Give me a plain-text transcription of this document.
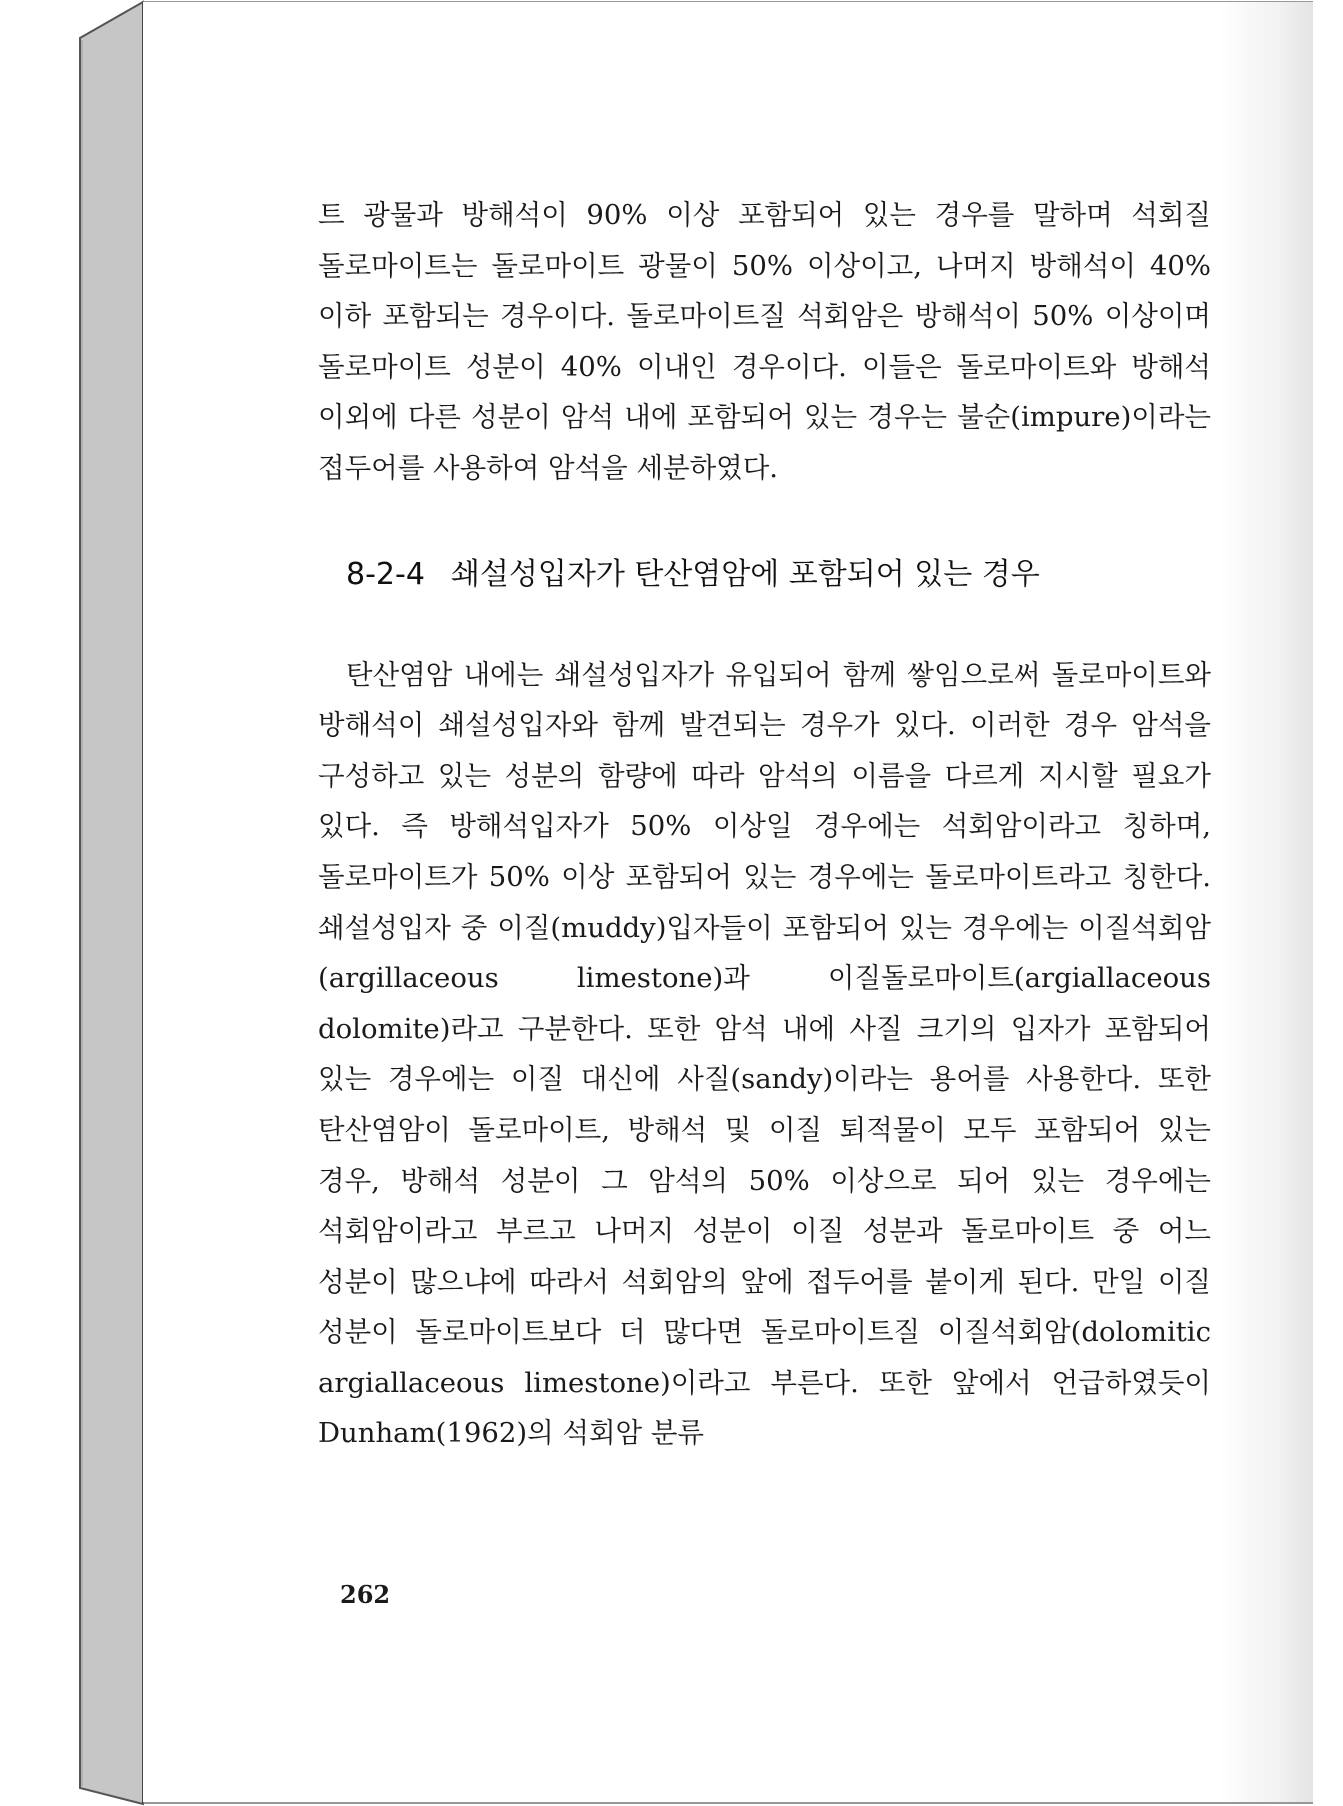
트 광물과 방해석이 90% 이상 포함되어 있는 경우를 말하며 석회질 돌로마이트는 돌로마이트 광물이 50% 이상이고, 나머지 방해석이 40% 이하 포함되는 경우이다. 돌로마이트질 석회암은 방해석이 50% 이상이며 돌로마이트 성분이 40% 이내인 경우이다. 이들은 돌로마이트와 방해석 이외에 다른 성분이 암석 내에 포함되어 있는 경우는 불순(impure)이라는 접두어를 사용하여 암석을 세분하였다.

8-2-4 쇄설성입자가 탄산염암에 포함되어 있는 경우

탄산염암 내에는 쇄설성입자가 유입되어 함께 쌓임으로써 돌로마이트와 방해석이 쇄설성입자와 함께 발견되는 경우가 있다. 이러한 경우 암석을 구성하고 있는 성분의 함량에 따라 암석의 이름을 다르게 지시할 필요가 있다. 즉 방해석입자가 50% 이상일 경우에는 석회암이라고 칭하며, 돌로마이트가 50% 이상 포함되어 있는 경우에는 돌로마이트라고 칭한다. 쇄설성입자 중 이질(muddy)입자들이 포함되어 있는 경우에는 이질석회암(argillaceous limestone)과 이질돌로마이트(argiallaceous dolomite)라고 구분한다. 또한 암석 내에 사질 크기의 입자가 포함되어 있는 경우에는 이질 대신에 사질(sandy)이라는 용어를 사용한다. 또한 탄산염암이 돌로마이트, 방해석 및 이질 퇴적물이 모두 포함되어 있는 경우, 방해석 성분이 그 암석의 50% 이상으로 되어 있는 경우에는 석회암이라고 부르고 나머지 성분이 이질 성분과 돌로마이트 중 어느 성분이 많으냐에 따라서 석회암의 앞에 접두어를 붙이게 된다. 만일 이질 성분이 돌로마이트보다 더 많다면 돌로마이트질 이질석회암(dolomitic argiallaceous limestone)이라고 부른다. 또한 앞에서 언급하였듯이 Dunham(1962)의 석회암 분류

262
